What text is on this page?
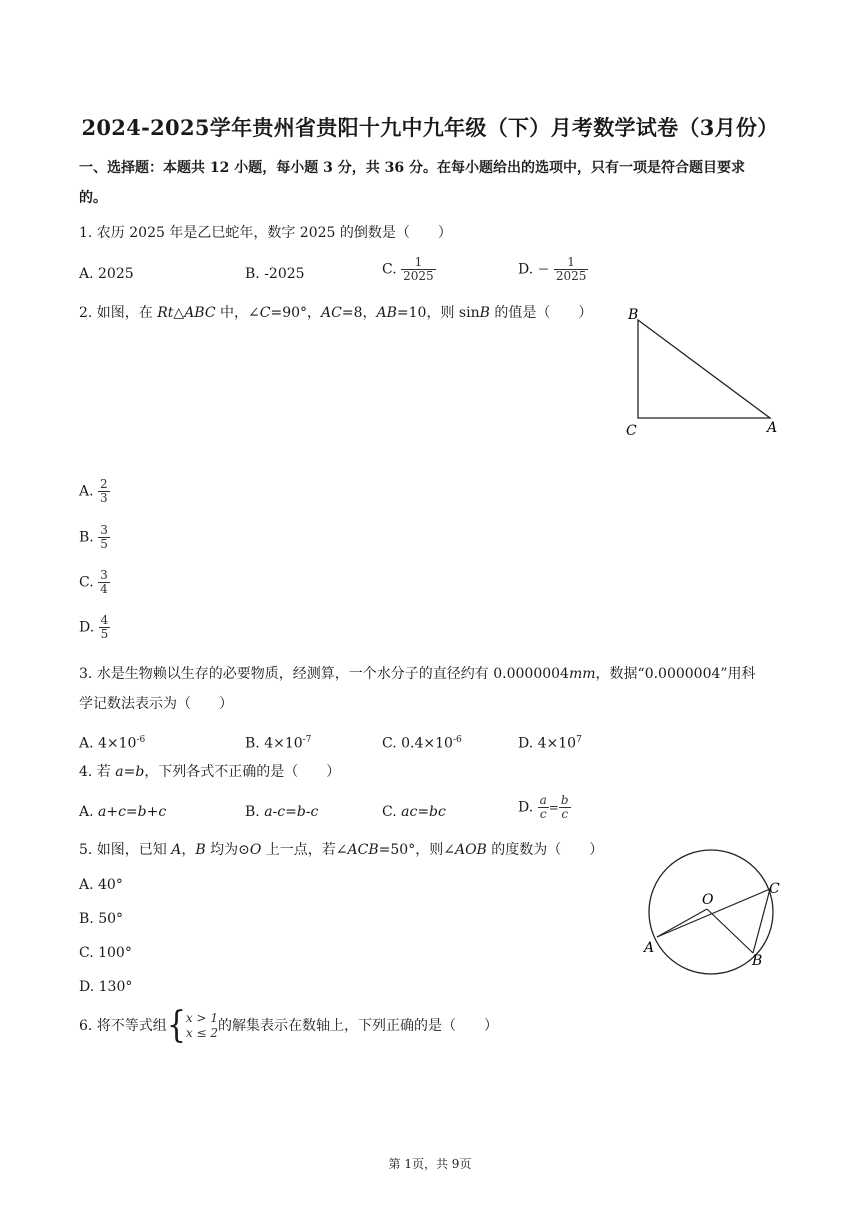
2024-2025学年贵州省贵阳十九中九年级（下）月考数学试卷（3月份）
一、选择题：本题共 12 小题，每小题 3 分，共 36 分。在每小题给出的选项中，只有一项是符合题目要求
的。
1. 农历 2025 年是乙巳蛇年，数字 2025 的倒数是（　　）
A. 2025	B. -2025	C. $\frac{1}{2025}$	D. − $\frac{1}{2025}$
2. 如图，在 Rt△ABC 中，∠C=90°，AC=8，AB=10，则 sinB 的值是（　　）	B
C	A
A. $\frac{2}{3}$
B. $\frac{3}{5}$
C. $\frac{3}{4}$
D. $\frac{4}{5}$
3. 水是生物赖以生存的必要物质，经测算，一个水分子的直径约有 0.0000004mm，数据“0.0000004”用科
学记数法表示为（　　）
A. $4\times 10^{-6}$	B. $4\times 10^{-7}$	C. $0.4\times 10^{-6}$	D. $4\times 10^7$
4. 若 a=b，下列各式不正确的是（　　）
A. a+c=b+c	B. a-c=b-c	C. ac=bc	D. $\frac{a}{c} = \frac{b}{c}$
5. 如图，已知 A，B 均为⊙O 上一点，若∠ACB=50°，则∠AOB 的度数为（　　）
A. 40°
B. 50°
C. 100°
D. 130°
O
C
A
B
6. 将不等式组{ x > 1
x ≤ 2 的解集表示在数轴上，下列正确的是（　　）
第 1页，共 9页
